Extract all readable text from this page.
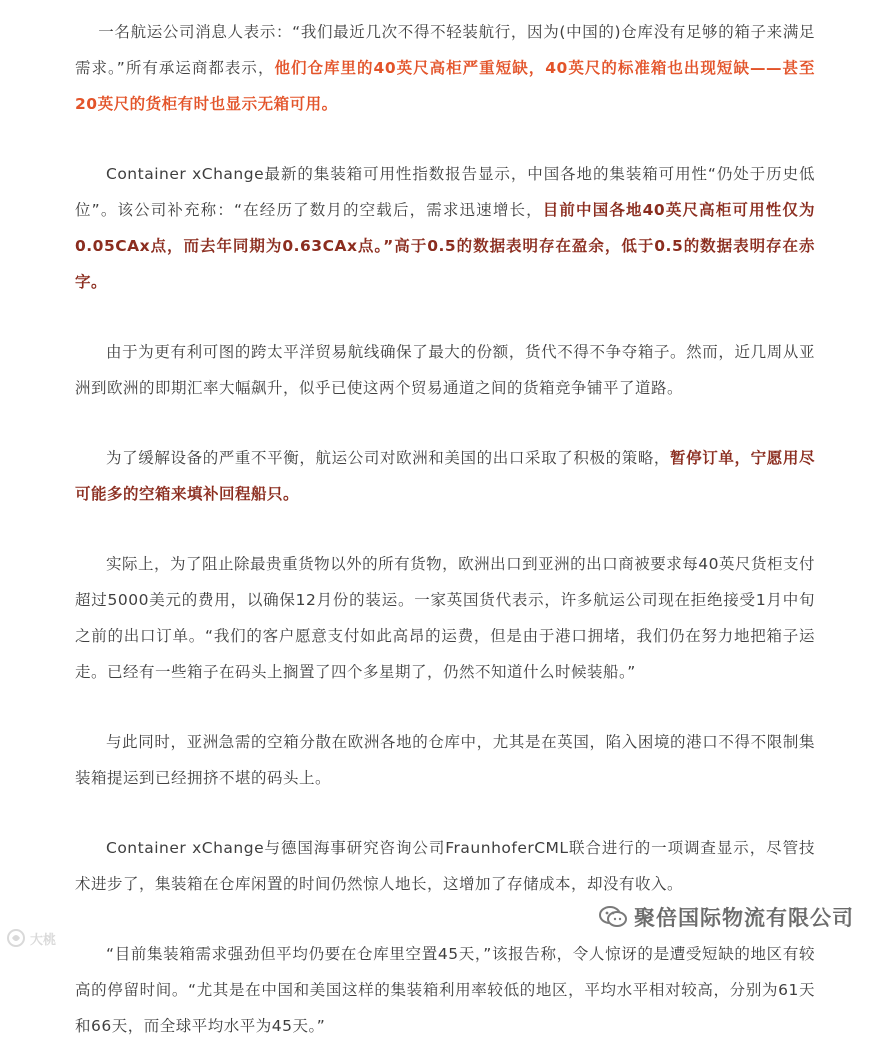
一名航运公司消息人表示：“我们最近几次不得不轻装航行，因为(中国的)仓库没有足够的箱子来满足需求。”所有承运商都表示，他们仓库里的40英尺高柜严重短缺，40英尺的标准箱也出现短缺——甚至20英尺的货柜有时也显示无箱可用。

Container xChange最新的集装箱可用性指数报告显示，中国各地的集装箱可用性“仍处于历史低位”。该公司补充称：“在经历了数月的空载后，需求迅速增长，目前中国各地40英尺高柜可用性仅为0.05CAx点，而去年同期为0.63CAx点。”高于0.5的数据表明存在盈余，低于0.5的数据表明存在赤字。

由于为更有利可图的跨太平洋贸易航线确保了最大的份额，货代不得不争夺箱子。然而，近几周从亚洲到欧洲的即期汇率大幅飙升，似乎已使这两个贸易通道之间的货箱竞争铺平了道路。

为了缓解设备的严重不平衡，航运公司对欧洲和美国的出口采取了积极的策略，暂停订单，宁愿用尽可能多的空箱来填补回程船只。

实际上，为了阻止除最贵重货物以外的所有货物，欧洲出口到亚洲的出口商被要求每40英尺货柜支付超过5000美元的费用，以确保12月份的装运。一家英国货代表示，许多航运公司现在拒绝接受1月中旬之前的出口订单。“我们的客户愿意支付如此高昂的运费，但是由于港口拥堵，我们仍在努力地把箱子运走。已经有一些箱子在码头上搁置了四个多星期了，仍然不知道什么时候装船。”

与此同时，亚洲急需的空箱分散在欧洲各地的仓库中，尤其是在英国，陷入困境的港口不得不限制集装箱提运到已经拥挤不堪的码头上。

Container xChange与德国海事研究咨询公司FraunhoferCML联合进行的一项调查显示，尽管技术进步了，集装箱在仓库闲置的时间仍然惊人地长，这增加了存储成本，却没有收入。

“目前集装箱需求强劲但平均仍要在仓库里空置45天，”该报告称，令人惊讶的是遭受短缺的地区有较高的停留时间。“尤其是在中国和美国这样的集装箱利用率较低的地区，平均水平相对较高，分别为61天和66天，而全球平均水平为45天。”

大桃
聚倍国际物流有限公司
